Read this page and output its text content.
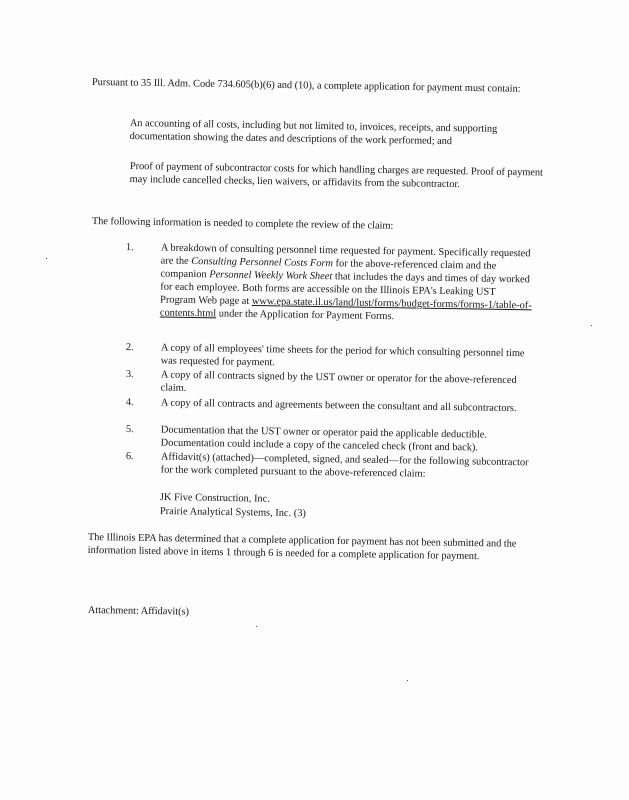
Pursuant to 35 Ill. Adm. Code 734.605(b)(6) and (10), a complete application for payment must contain:
An accounting of all costs, including but not limited to, invoices, receipts, and supporting documentation showing the dates and descriptions of the work performed; and
Proof of payment of subcontractor costs for which handling charges are requested. Proof of payment may include cancelled checks, lien waivers, or affidavits from the subcontractor.
The following information is needed to complete the review of the claim:
1.	A breakdown of consulting personnel time requested for payment. Specifically requested are the Consulting Personnel Costs Form for the above-referenced claim and the companion Personnel Weekly Work Sheet that includes the days and times of day worked for each employee. Both forms are accessible on the Illinois EPA's Leaking UST Program Web page at www.epa.state.il.us/land/lust/forms/budget-forms/forms-1/table-of-contents.html under the Application for Payment Forms.
2.	A copy of all employees' time sheets for the period for which consulting personnel time was requested for payment.
3.	A copy of all contracts signed by the UST owner or operator for the above-referenced claim.
4.	A copy of all contracts and agreements between the consultant and all subcontractors.
5.	Documentation that the UST owner or operator paid the applicable deductible. Documentation could include a copy of the canceled check (front and back).
6.	Affidavit(s) (attached)—completed, signed, and sealed—for the following subcontractor for the work completed pursuant to the above-referenced claim:
JK Five Construction, Inc.
Prairie Analytical Systems, Inc. (3)
The Illinois EPA has determined that a complete application for payment has not been submitted and the information listed above in items 1 through 6 is needed for a complete application for payment.
Attachment: Affidavit(s)
